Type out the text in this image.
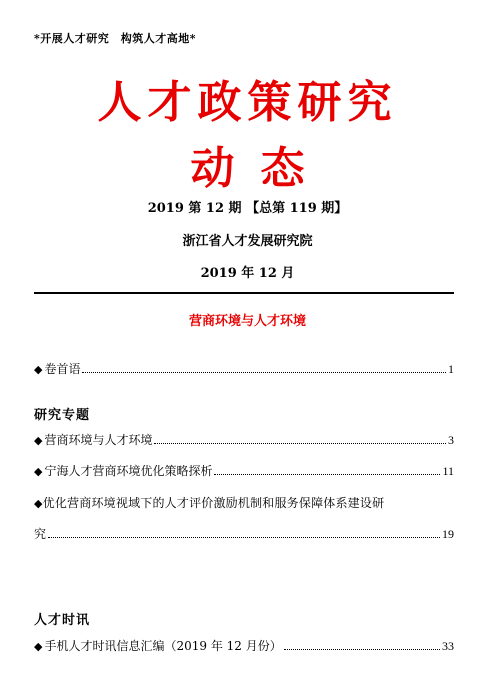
*开展人才研究　构筑人才高地*
人才政策研究
动态
2019 第 12 期 【总第 119 期】
浙江省人才发展研究院
2019 年 12 月
营商环境与人才环境
◆ 卷首语	1
研究专题
◆ 营商环境与人才环境	3
◆ 宁海人才营商环境优化策略探析	11
◆优化营商环境视域下的人才评价激励机制和服务保障体系建设研
究	19
人才时讯
◆ 手机人才时讯信息汇编（2019 年 12 月份）	33
